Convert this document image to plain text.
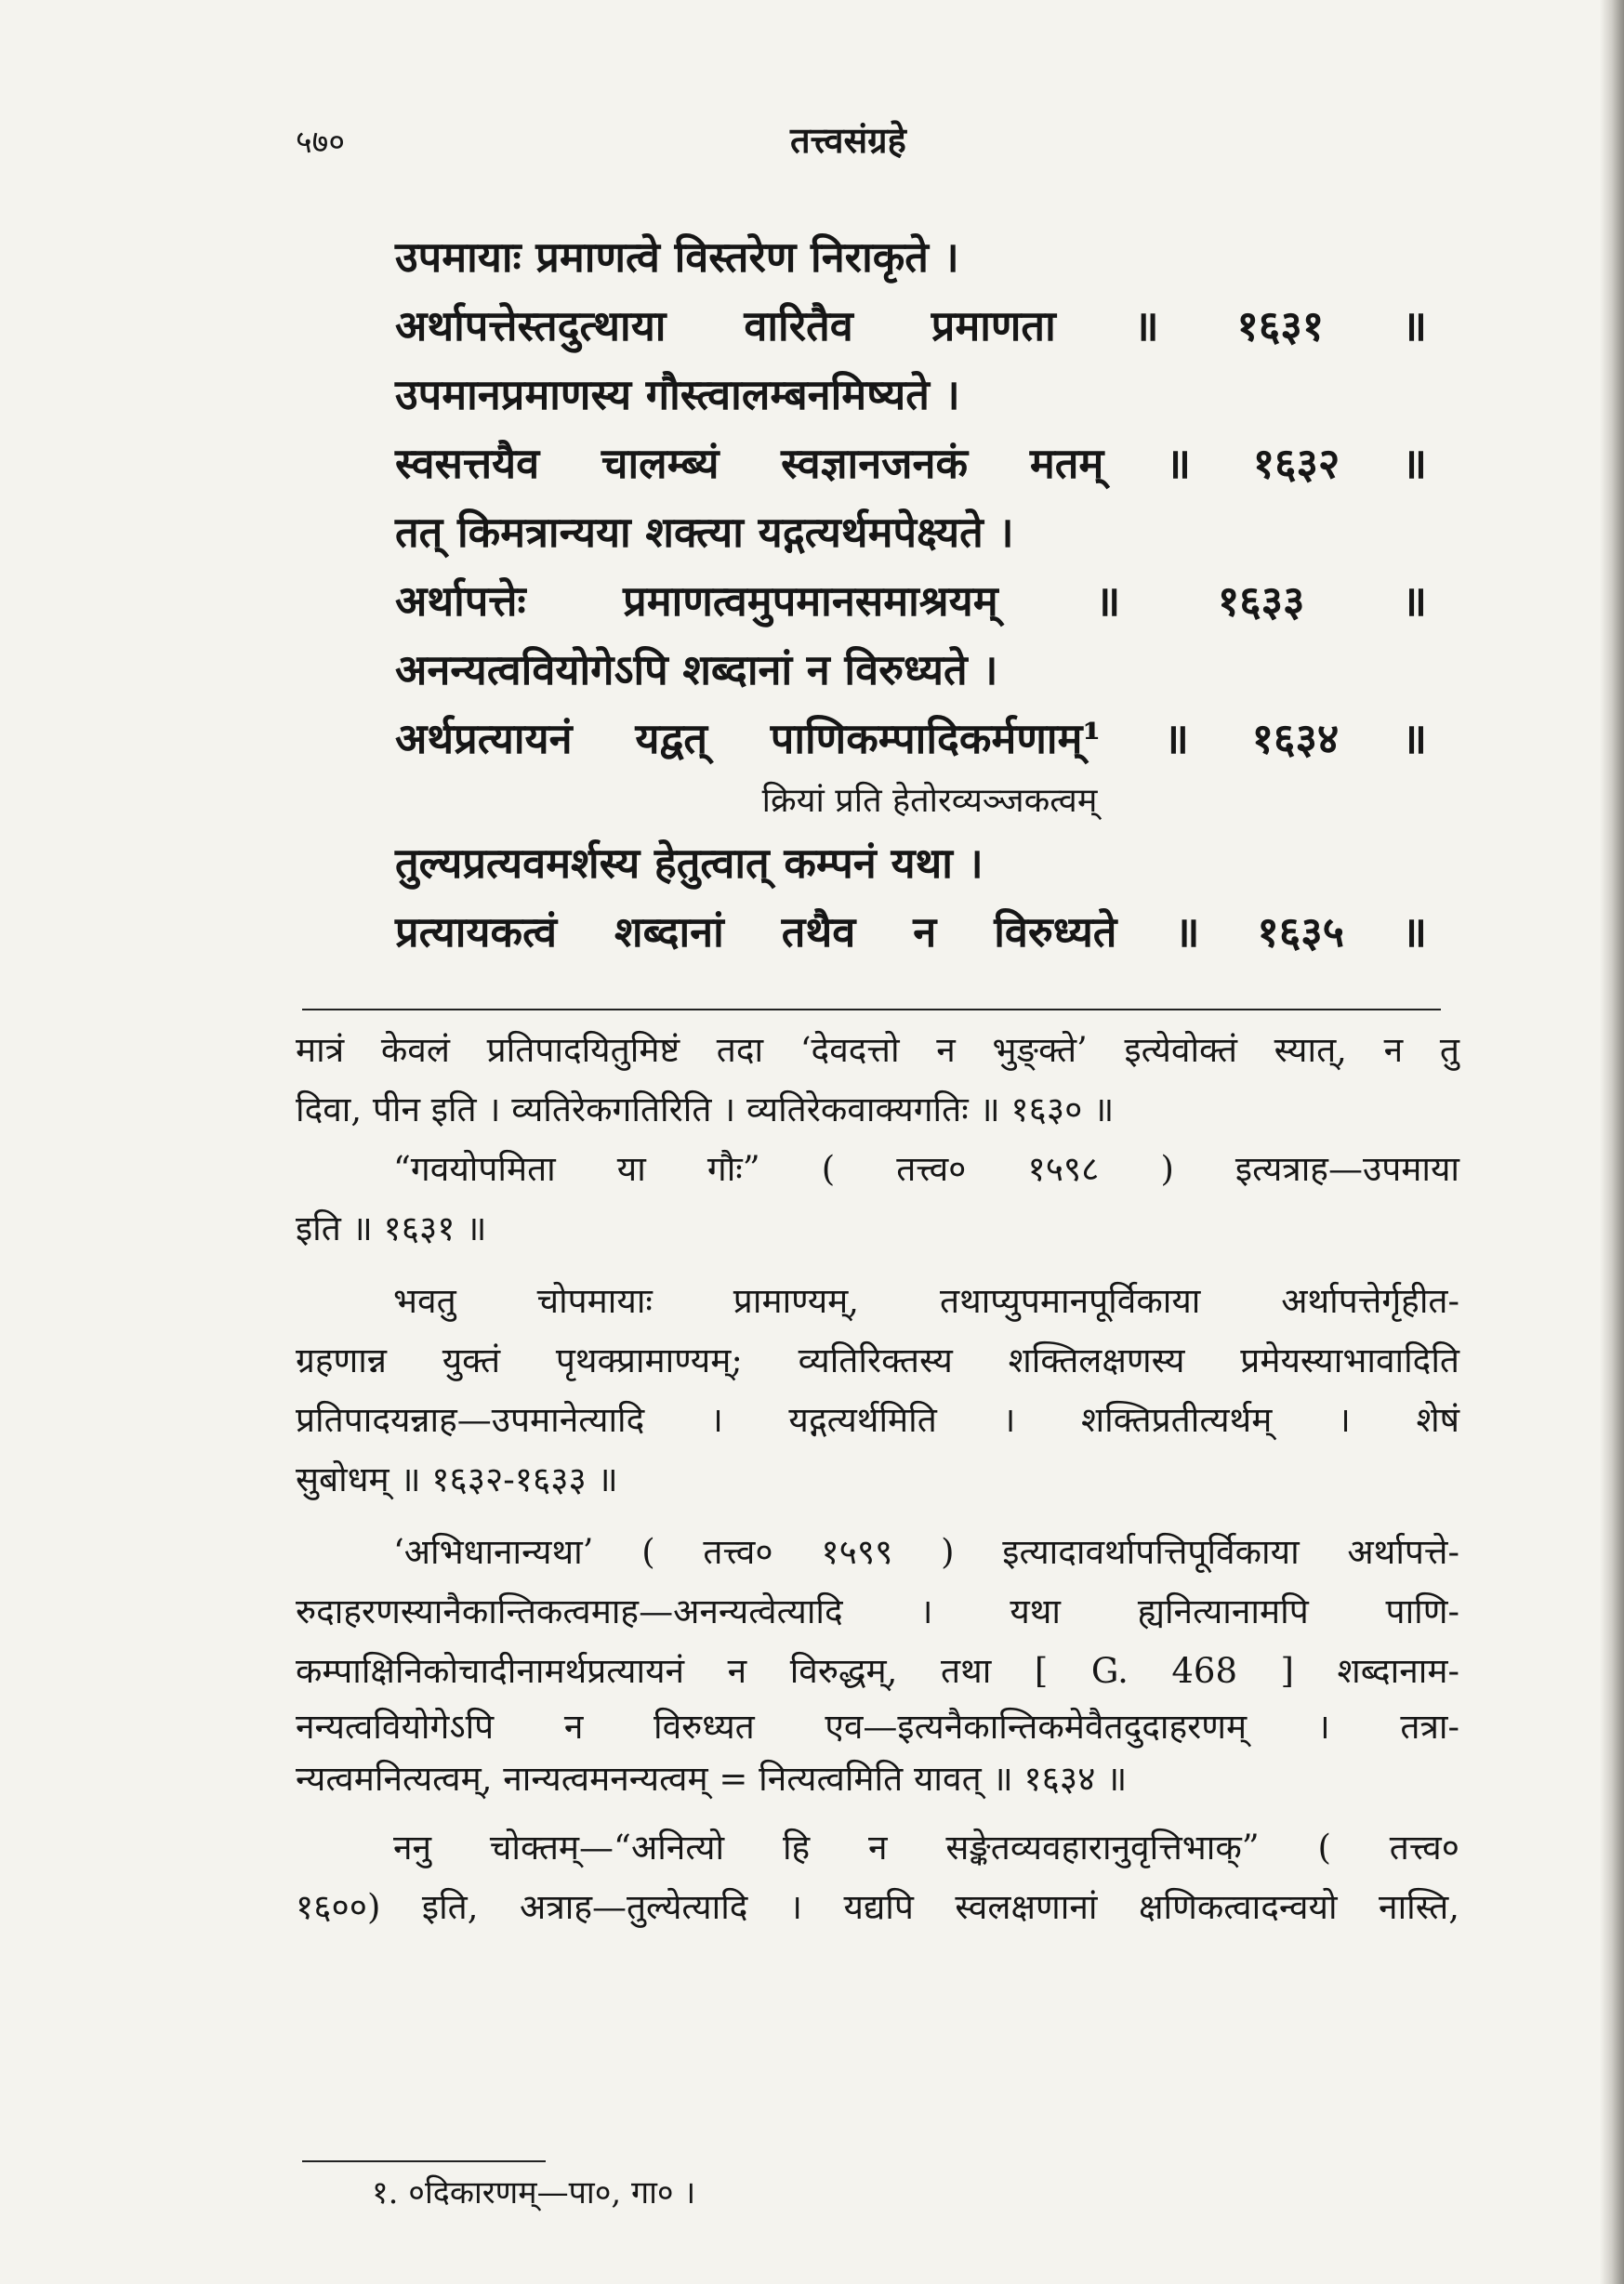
५७०	तत्त्वसंग्रहे
उपमायाः प्रमाणत्वे विस्तरेण निराकृते ।
अर्थापत्तेस्तदुत्थाया वारितैव प्रमाणता ॥ १६३१ ॥
उपमानप्रमाणस्य गौस्त्वालम्बनमिष्यते ।
स्वसत्तयैव चालम्ब्यं स्वज्ञानजनकं मतम् ॥ १६३२ ॥
तत् किमत्रान्यया शक्त्या यद्गत्यर्थमपेक्ष्यते ।
अर्थापत्तेः प्रमाणत्वमुपमानसमाश्रयम् ॥ १६३३ ॥
अनन्यत्ववियोगेऽपि शब्दानां न विरुध्यते ।
अर्थप्रत्यायनं यद्वत् पाणिकम्पादिकर्मणाम्¹ ॥ १६३४ ॥
क्रियां प्रति हेतोरव्यञ्जकत्वम्
तुल्यप्रत्यवमर्शस्य हेतुत्वात् कम्पनं यथा ।
प्रत्यायकत्वं शब्दानां तथैव न विरुध्यते ॥ १६३५ ॥
मात्रं केवलं प्रतिपादयितुमिष्टं तदा ‘देवदत्तो न भुङ्क्ते’ इत्येवोक्तं स्यात्, न तु
दिवा, पीन इति । व्यतिरेकगतिरिति । व्यतिरेकवाक्यगतिः ॥ १६३० ॥
“गवयोपमिता या गौः” ( तत्त्व० १५९८ ) इत्यत्राह—उपमाया
इति ॥ १६३१ ॥
भवतु चोपमायाः प्रामाण्यम्, तथाप्युपमानपूर्विकाया अर्थापत्तेर्गृहीत-
ग्रहणान्न युक्तं पृथक्प्रामाण्यम्; व्यतिरिक्तस्य शक्तिलक्षणस्य प्रमेयस्याभावादिति
प्रतिपादयन्नाह—उपमानेत्यादि । यद्गत्यर्थमिति । शक्तिप्रतीत्यर्थम् । शेषं
सुबोधम् ॥ १६३२-१६३३ ॥
‘अभिधानान्यथा’ ( तत्त्व० १५९९ ) इत्यादावर्थापत्तिपूर्विकाया अर्थापत्ते-
रुदाहरणस्यानैकान्तिकत्वमाह—अनन्यत्वेत्यादि । यथा ह्यनित्यानामपि पाणि-
कम्पाक्षिनिकोचादीनामर्थप्रत्यायनं न विरुद्धम्, तथा [ G. 468 ] शब्दानाम-
नन्यत्ववियोगेऽपि न विरुध्यत एव—इत्यनैकान्तिकमेवैतदुदाहरणम् । तत्रा-
न्यत्वमनित्यत्वम्, नान्यत्वमनन्यत्वम् = नित्यत्वमिति यावत् ॥ १६३४ ॥
ननु चोक्तम्—“अनित्यो हि न सङ्केतव्यवहारानुवृत्तिभाक्” ( तत्त्व०
१६००) इति, अत्राह—तुल्येत्यादि । यद्यपि स्वलक्षणानां क्षणिकत्वादन्वयो नास्ति,
१. ०दिकारणम्—पा०, गा० ।
